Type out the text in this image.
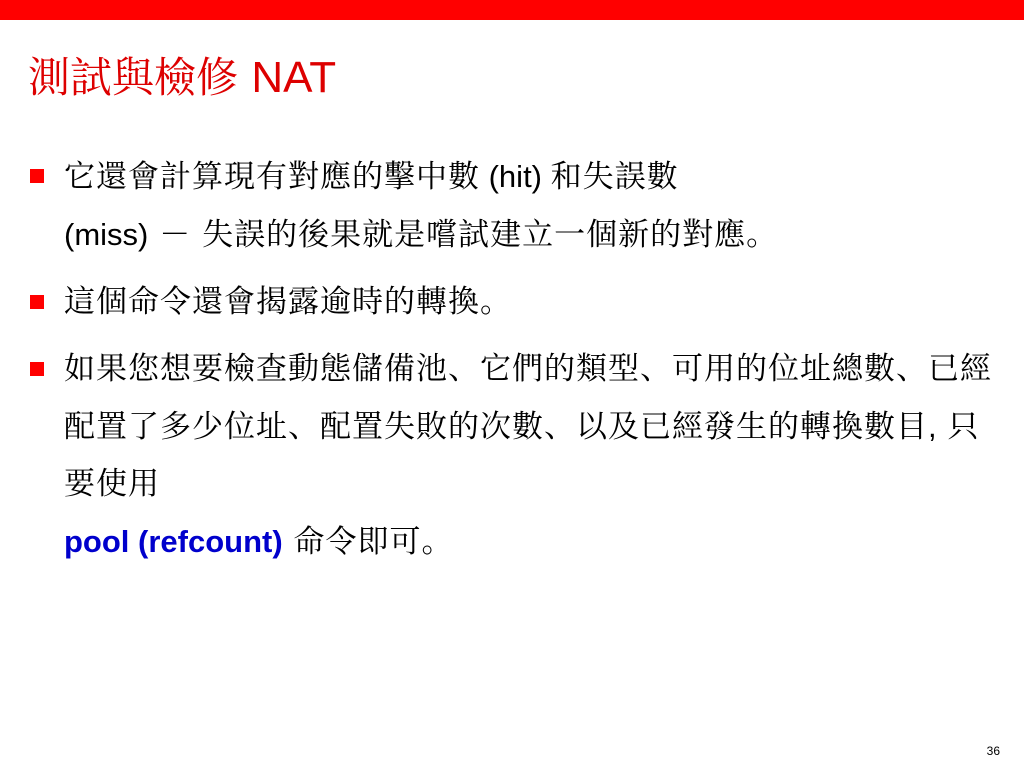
測試與檢修 NAT
它還會計算現有對應的擊中數 (hit) 和失誤數
(miss) － 失誤的後果就是嚐試建立一個新的對應。
這個命令還會揭露逾時的轉換。
如果您想要檢查動態儲備池、它們的類型、可用的位址總數、已經配置了多少位址、配置失敗的次數、以及已經發生的轉換數目, 只要使用
pool (refcount) 命令即可。
36
